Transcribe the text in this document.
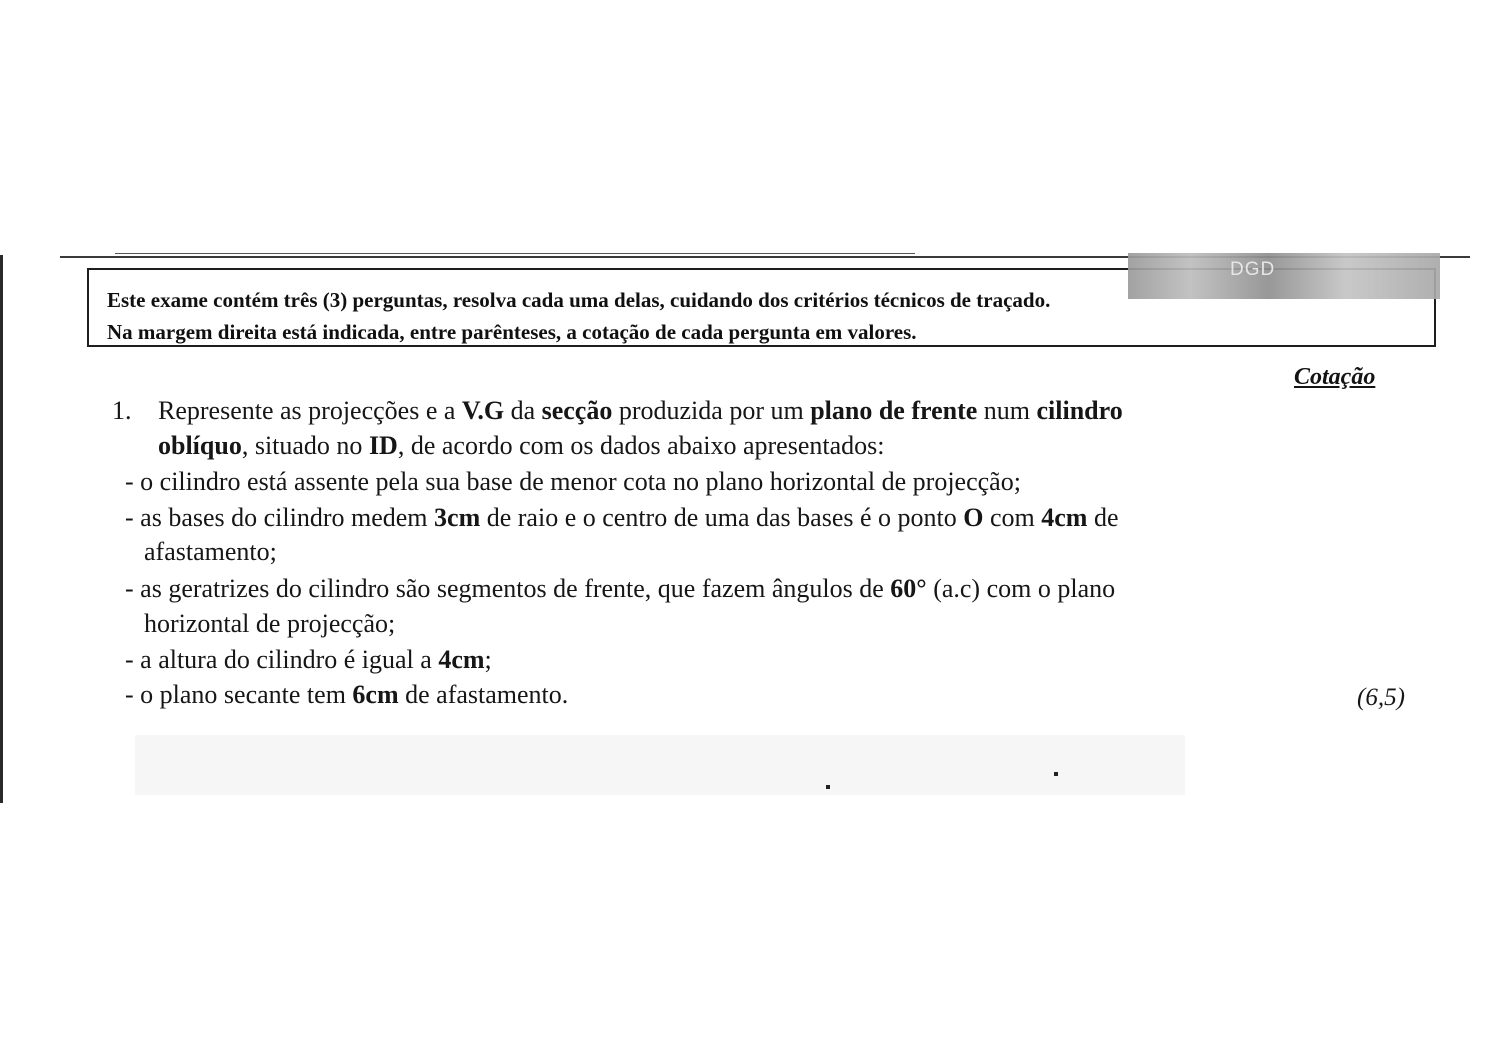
Este exame contém três (3) perguntas, resolva cada uma delas, cuidando dos critérios técnicos de traçado.
Na margem direita está indicada, entre parênteses, a cotação de cada pergunta em valores.
DGD
Cotação
1. Represente as projecções e a V.G da secção produzida por um plano de frente num cilindro
oblíquo, situado no ID, de acordo com os dados abaixo apresentados:
- o cilindro está assente pela sua base de menor cota no plano horizontal de projecção;
- as bases do cilindro medem 3cm de raio e o centro de uma das bases é o ponto O com 4cm de
afastamento;
- as geratrizes do cilindro são segmentos de frente, que fazem ângulos de 60° (a.c) com o plano
horizontal de projecção;
- a altura do cilindro é igual a 4cm;
- o plano secante tem 6cm de afastamento.	(6,5)
